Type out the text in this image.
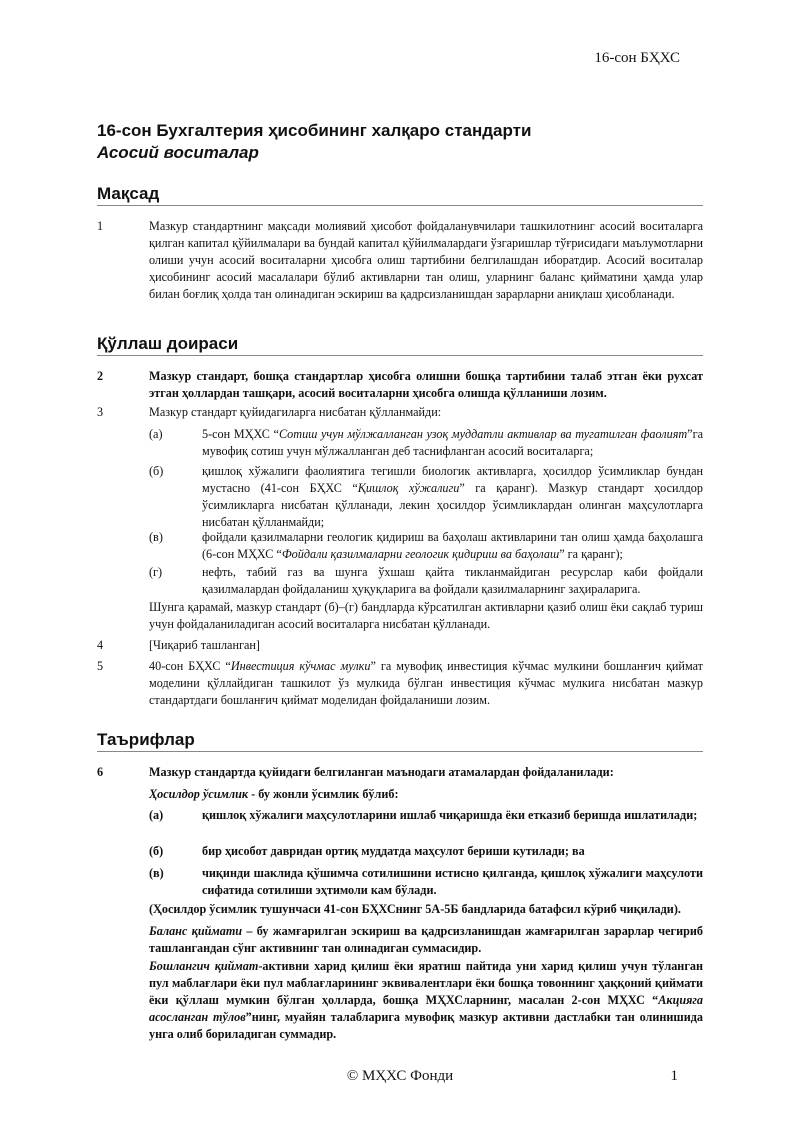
16-сон БҲХС
16-сон Бухгалтерия ҳисобининг халқаро стандарти
Асосий воситалар
Мақсад
1	Мазкур стандартнинг мақсади молиявий ҳисобот фойдаланувчилари ташкилотнинг асосий воситаларга қилган капитал қўйилмалари ва бундай капитал қўйилмалардаги ўзгаришлар тўғрисидаги маълумотларни олиши учун асосий воситаларни ҳисобга олиш тартибини белгилашдан иборатдир. Асосий воситалар ҳисобининг асосий масалалари бўлиб активларни тан олиш, уларнинг баланс қийматини ҳамда улар билан боғлиқ ҳолда тан олинадиган эскириш ва қадрсизланишдан зарарларни аниқлаш ҳисобланади.
Қўллаш доираси
2	Мазкур стандарт, бошқа стандартлар ҳисобга олишни бошқа тартибини талаб этган ёки рухсат этган ҳоллардан ташқари, асосий воситаларни ҳисобга олишда қўлланиши лозим.
3	Мазкур стандарт қуйидагиларга нисбатан қўлланмайди:
(a)	5-сон МҲХС “Сотиш учун мўлжалланган узоқ муддатли активлар ва тугатилган фаолият”га мувофиқ сотиш учун мўлжалланган деб таснифланган асосий воситаларга;
(б)	қишлоқ хўжалиги фаолиятига тегишли биологик активларга, ҳосилдор ўсимликлар бундан мустасно (41-сон БҲХС “Қишлоқ хўжалиги” га қаранг). Мазкур стандарт ҳосилдор ўсимликларга нисбатан қўлланади, лекин ҳосилдор ўсимликлардан олинган маҳсулотларга нисбатан қўлланмайди;
(в)	фойдали қазилмаларни геологик қидириш ва баҳолаш активларини тан олиш ҳамда баҳолашга (6-сон МҲХС “Фойдали қазилмаларни геологик қидириш ва баҳолаш” га қаранг);
(г)	нефть, табий газ ва шунга ўхшаш қайта тикланмайдиган ресурслар каби фойдали қазилмалардан фойдаланиш ҳуқуқларига ва фойдали қазилмаларнинг заҳираларига.
Шунга қарамай, мазкур стандарт (б)–(г) бандларда кўрсатилган активларни қазиб олиш ёки сақлаб туриш учун фойдаланиладиган асосий воситаларга нисбатан қўлланади.
4	[Чиқариб ташланган]
5	40-сон БҲХС “Инвестиция кўчмас мулки” га мувофиқ инвестиция кўчмас мулкини бошланғич қиймат моделини қўллайдиган ташкилот ўз мулкида бўлган инвестиция кўчмас мулкига нисбатан мазкур стандартдаги бошланғич қиймат моделидан фойдаланиши лозим.
Таърифлар
6	Мазкур стандартда қуйидаги белгиланган маънодаги атамалардан фойдаланилади:
Ҳосилдор ўсимлик - бу жонли ўсимлик бўлиб:
(a)	қишлоқ хўжалиги маҳсулотларини ишлаб чиқаришда ёки етказиб беришда ишлатилади;
(б)	бир ҳисобот давридан ортиқ муддатда маҳсулот бериши кутилади; ва
(в)	чиқинди шаклида қўшимча сотилишини истисно қилганда, қишлоқ хўжалиги маҳсулоти сифатида сотилиши эҳтимоли кам бўлади.
(Ҳосилдор ўсимлик тушунчаси 41-сон БҲХСнинг 5А-5Б бандларида батафсил кўриб чиқилади).
Баланс қиймати – бу жамғарилган эскириш ва қадрсизланишдан жамғарилган зарарлар чегириб ташлангандан сўнг активнинг тан олинадиган суммасидир.
Бошлангич қиймат-активни харид қилиш ёки яратиш пайтида уни харид қилиш учун тўланган пул маблағлари ёки пул маблағларининг эквивалентлари ёки бошқа товоннинг ҳаққоний қиймати ёки қўллаш мумкин бўлган ҳолларда, бошқа МҲХСларнинг, масалан 2-сон МҲХС “Акцияга асосланган тўлов”нинг, муайян талабларига мувофиқ мазкур активни дастлабки тан олинишида унга олиб бориладиган суммадир.
© МҲХС Фонди	1
